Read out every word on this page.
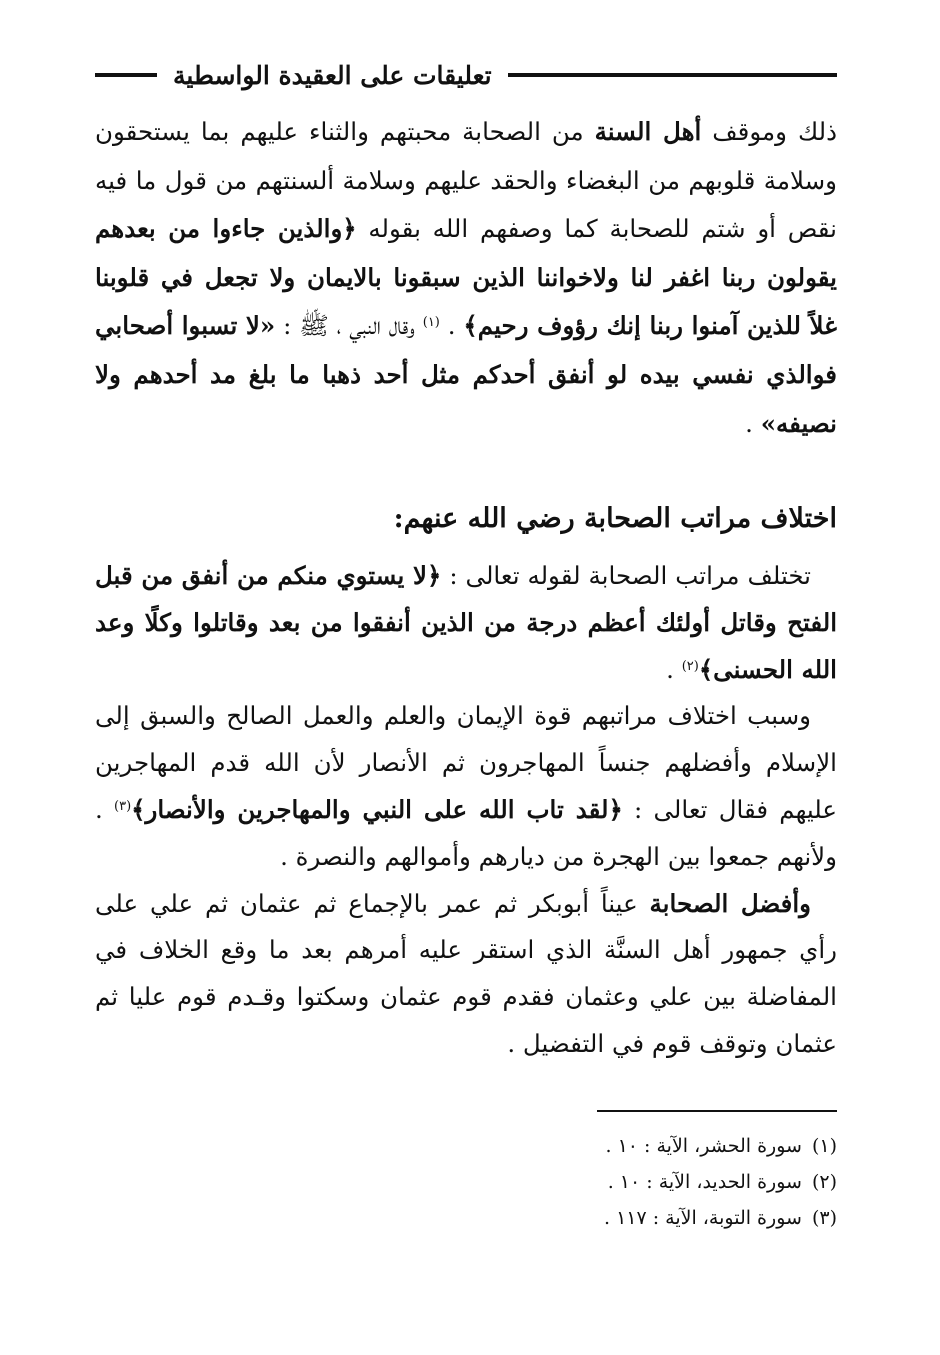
تعليقات على العقيدة الواسطية

ذلك وموقف أهل السنة من الصحابة محبتهم والثناء عليهم بما يستحقون وسلامة قلوبهم من البغضاء والحقد عليهم وسلامة ألسنتهم من قول ما فيه نقص أو شتم للصحابة كما وصفهم الله بقوله ﴿والذين جاءوا من بعدهم يقولون ربنا اغفر لنا ولاخواننا الذين سبقونا بالايمان ولا تجعل في قلوبنا غلاً للذين آمنوا ربنا إنك رؤوف رحيم﴾ . $^{(١)}$ وقال النبي ، ﷺ : «لا تسبوا أصحابي فوالذي نفسي بيده لو أنفق أحدكم مثل أحد ذهبا ما بلغ مد أحدهم ولا نصيفه» .

اختلاف مراتب الصحابة رضي الله عنهم:

تختلف مراتب الصحابة لقوله تعالى : ﴿لا يستوي منكم من أنفق من قبل الفتح وقاتل أولئك أعظم درجة من الذين أنفقوا من بعد وقاتلوا وكلًا وعد الله الحسنى﴾$^{(٢)}$ .

وسبب اختلاف مراتبهم قوة الإيمان والعلم والعمل الصالح والسبق إلى الإسلام وأفضلهم جنساً المهاجرون ثم الأنصار لأن الله قدم المهاجرين عليهم فقال تعالى : ﴿لقد تاب الله على النبي والمهاجرين والأنصار﴾$^{(٣)}$ . ولأنهم جمعوا بين الهجرة من ديارهم وأموالهم والنصرة .

وأفضل الصحابة عيناً أبوبكر ثم عمر بالإجماع ثم عثمان ثم علي على رأي جمهور أهل السنَّة الذي استقر عليه أمرهم بعد ما وقع الخلاف في المفاضلة بين علي وعثمان فقدم قوم عثمان وسكتوا وقـدم قوم عليا ثم عثمان وتوقف قوم في التفضيل .

(١)
سورة الحشر، الآية : ١٠ .
(٢)
سورة الحديد، الآية : ١٠ .
(٣)
سورة التوبة، الآية : ١١٧ .
